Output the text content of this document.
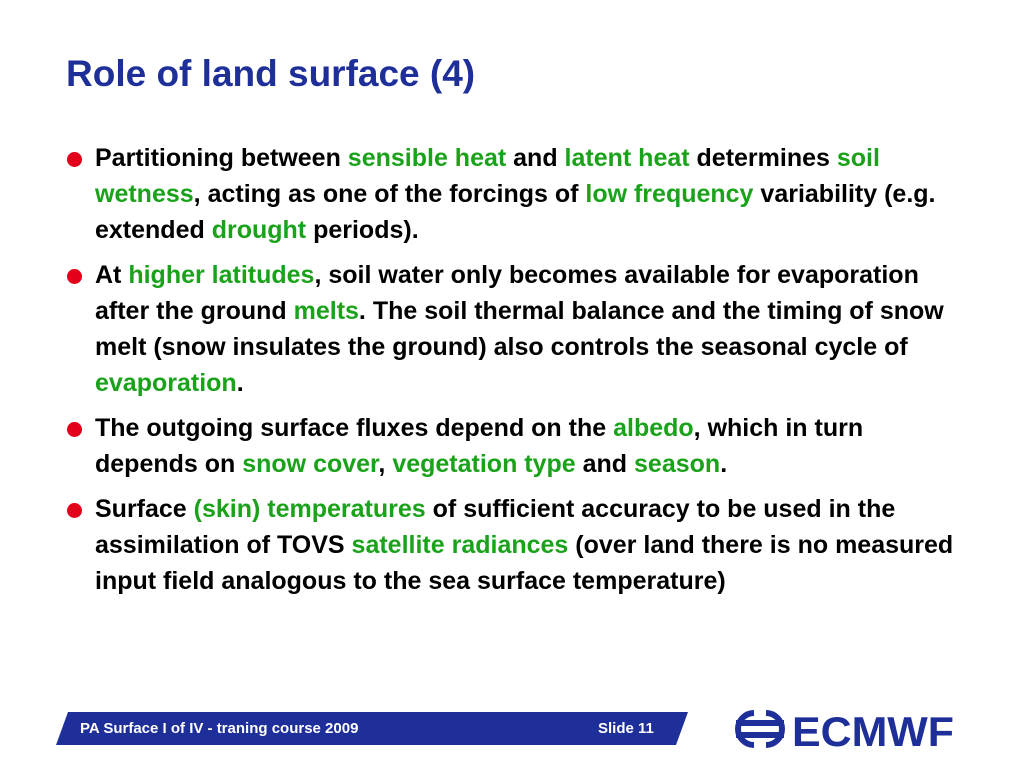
Role of land surface (4)
Partitioning between sensible heat and latent heat determines soil wetness, acting as one of the forcings of low frequency variability (e.g. extended drought periods).
At higher latitudes, soil water only becomes available for evaporation after the ground melts. The soil thermal balance and the timing of snow melt (snow insulates the ground) also controls the seasonal cycle of evaporation.
The outgoing surface fluxes depend on the albedo, which in turn depends on snow cover, vegetation type and season.
Surface (skin) temperatures of sufficient accuracy to be used in the assimilation of TOVS satellite radiances (over land there is no measured input field analogous to the sea surface temperature)
PA Surface I of IV - traning course 2009	Slide 11	ECMWF
